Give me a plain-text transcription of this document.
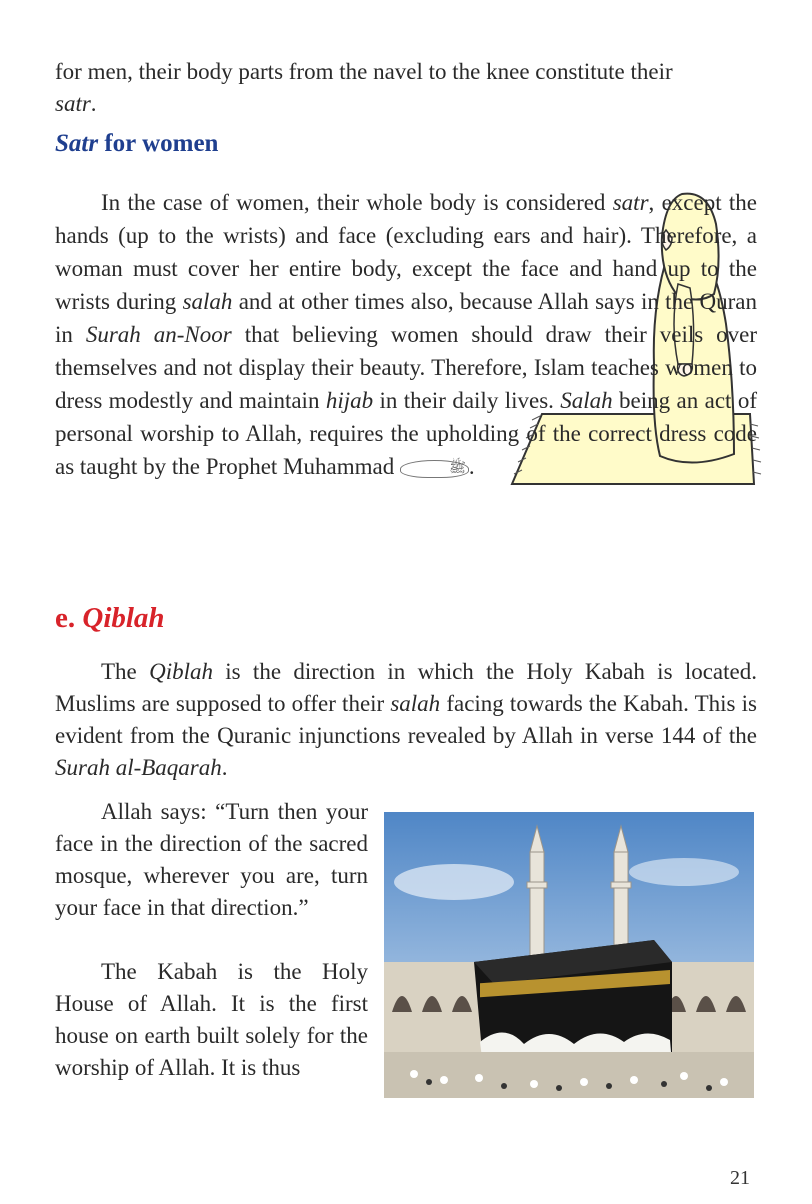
for men, their body parts from the navel to the knee constitute their
satr.

Satr for women

In the case of women, their whole body is considered satr, except the hands (up to the wrists) and face (excluding ears and hair). Therefore, a woman must cover her entire body, except the face and hand up to the wrists during salah and at other times also, because Allah says in the Quran in Surah an-Noor that believing women should draw their veils over themselves and not display their beauty. Therefore, Islam teaches women to dress modestly and maintain hijab in their daily lives. Salah being an act of personal worship to Allah, requires the upholding of the correct dress code as taught by the Prophet Muhammad	ﷺ .

e. Qiblah

The Qiblah is the direction in which the Holy Kabah is located. Muslims are supposed to offer their salah facing towards the Kabah. This is evident from the Quranic injunctions revealed by Allah in verse 144 of the Surah al-Baqarah.

Allah says: “Turn then your face in the direction of the sacred mosque, wherever you are, turn your face in that direction.”

The Kabah is the Holy House of Allah. It is the first house on earth built solely for the worship of Allah. It is thus

21
